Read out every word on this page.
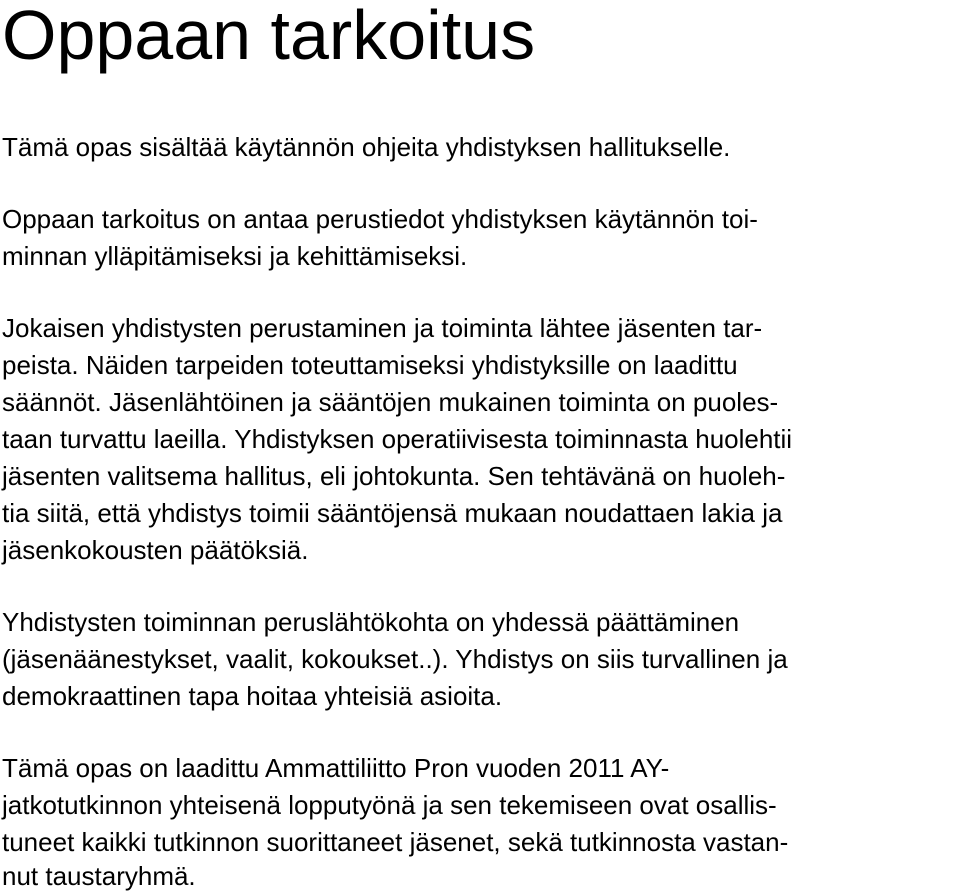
Oppaan tarkoitus

Tämä opas sisältää käytännön ohjeita yhdistyksen hallitukselle.

Oppaan tarkoitus on antaa perustiedot yhdistyksen käytännön toi-

minnan ylläpitämiseksi ja kehittämiseksi.

Jokaisen yhdistysten perustaminen ja toiminta lähtee jäsenten tar-

peista. Näiden tarpeiden toteuttamiseksi yhdistyksille on laadittu

säännöt. Jäsenlähtöinen ja sääntöjen mukainen toiminta on puoles-

taan turvattu laeilla. Yhdistyksen operatiivisesta toiminnasta huolehtii

jäsenten valitsema hallitus, eli johtokunta. Sen tehtävänä on huoleh-

tia siitä, että yhdistys toimii sääntöjensä mukaan noudattaen lakia ja

jäsenkokousten päätöksiä.

Yhdistysten toiminnan peruslähtökohta on yhdessä päättäminen

(jäsenäänestykset, vaalit, kokoukset..). Yhdistys on siis turvallinen ja

demokraattinen tapa hoitaa yhteisiä asioita.

Tämä opas on laadittu Ammattiliitto Pron vuoden 2011 AY-

jatkotutkinnon yhteisenä lopputyönä ja sen tekemiseen ovat osallis-

tuneet kaikki tutkinnon suorittaneet jäsenet, sekä tutkinnosta vastan-

nut taustaryhmä.
